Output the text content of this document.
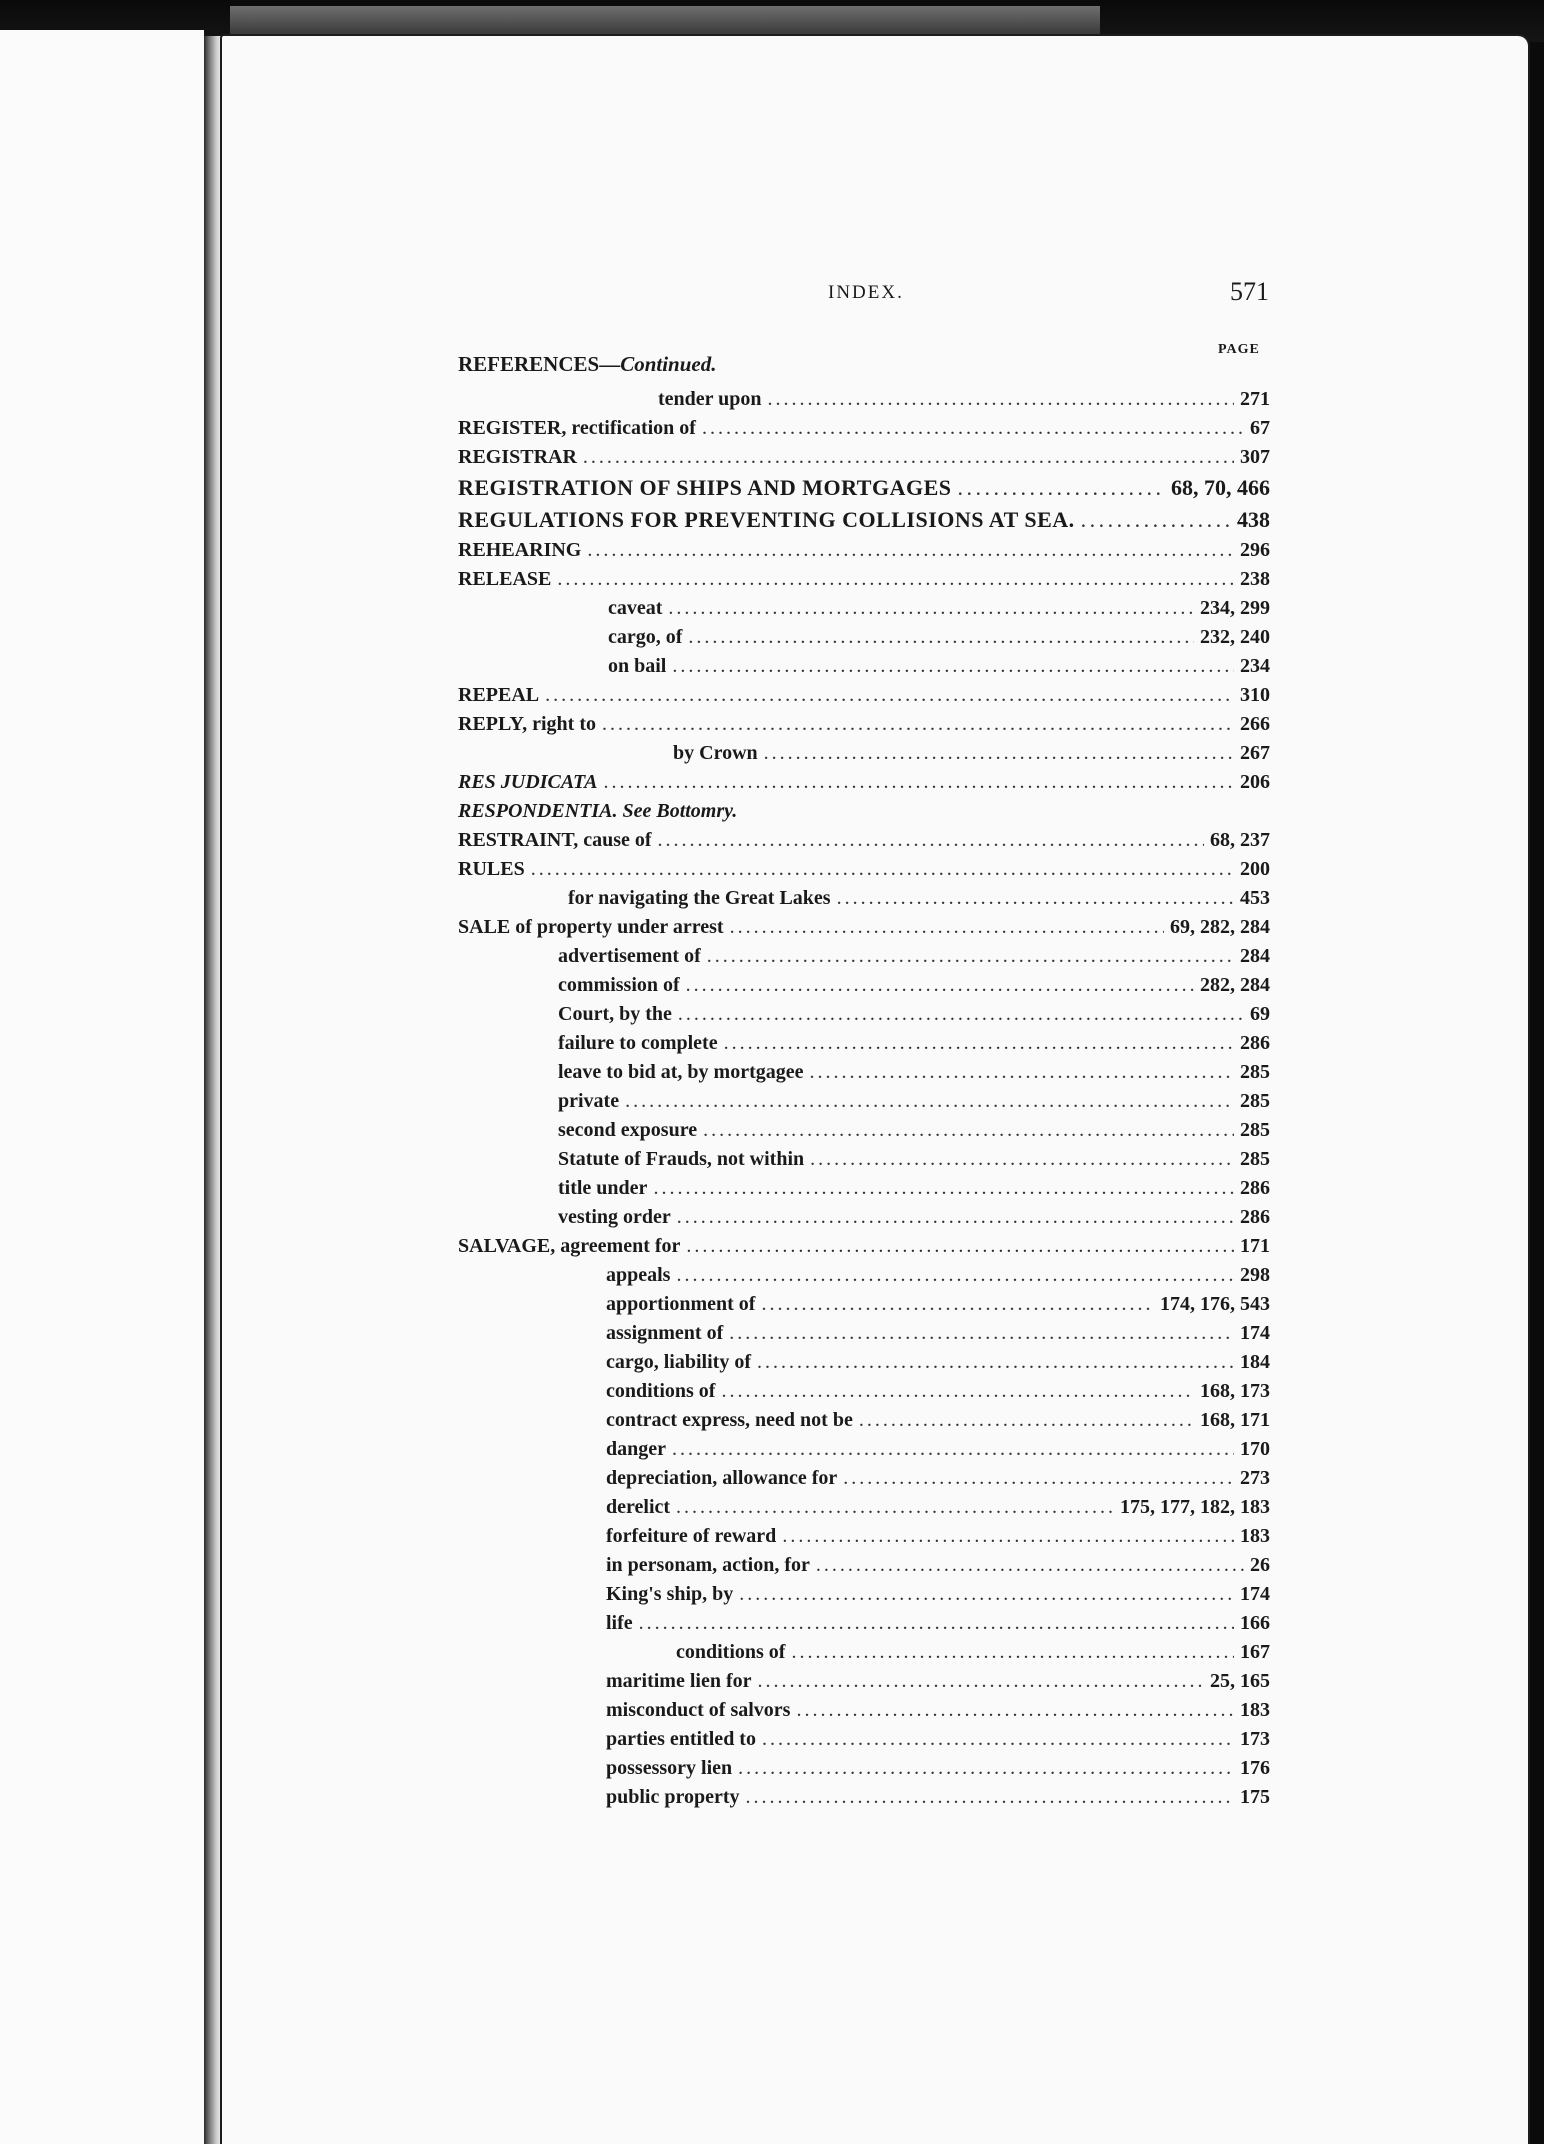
INDEX.	571
PAGE
REFERENCES—Continued.
tender upon . . .	271
REGISTER, rectification of . . .	67
REGISTRAR . . .	307
REGISTRATION OF SHIPS AND MORTGAGES . . .	68, 70, 466
REGULATIONS FOR PREVENTING COLLISIONS AT SEA. . . .	438
REHEARING . . .	296
RELEASE . . .	238
caveat . . .	234, 299
cargo, of . . .	232, 240
on bail . . .	234
REPEAL . . .	310
REPLY, right to . . .	266
by Crown . . .	267
RES JUDICATA . . .	206
RESPONDENTIA. See Bottomry.
RESTRAINT, cause of . . .	68, 237
RULES . . .	200
for navigating the Great Lakes . . .	453
SALE of property under arrest . . .	69, 282, 284
advertisement of . . .	284
commission of . . .	282, 284
Court, by the . . .	69
failure to complete . . .	286
leave to bid at, by mortgagee . . .	285
private . . .	285
second exposure . . .	285
Statute of Frauds, not within . . .	285
title under . . .	286
vesting order . . .	286
SALVAGE, agreement for . . .	171
appeals . . .	298
apportionment of . . .	174, 176, 543
assignment of . . .	174
cargo, liability of . . .	184
conditions of . . .	168, 173
contract express, need not be . . .	168, 171
danger . . .	170
depreciation, allowance for . . .	273
derelict . . .	175, 177, 182, 183
forfeiture of reward . . .	183
in personam, action, for . . .	26
King's ship, by . . .	174
life . . .	166
conditions of . . .	167
maritime lien for . . .	25, 165
misconduct of salvors . . .	183
parties entitled to . . .	173
possessory lien . . .	176
public property . . .	175
